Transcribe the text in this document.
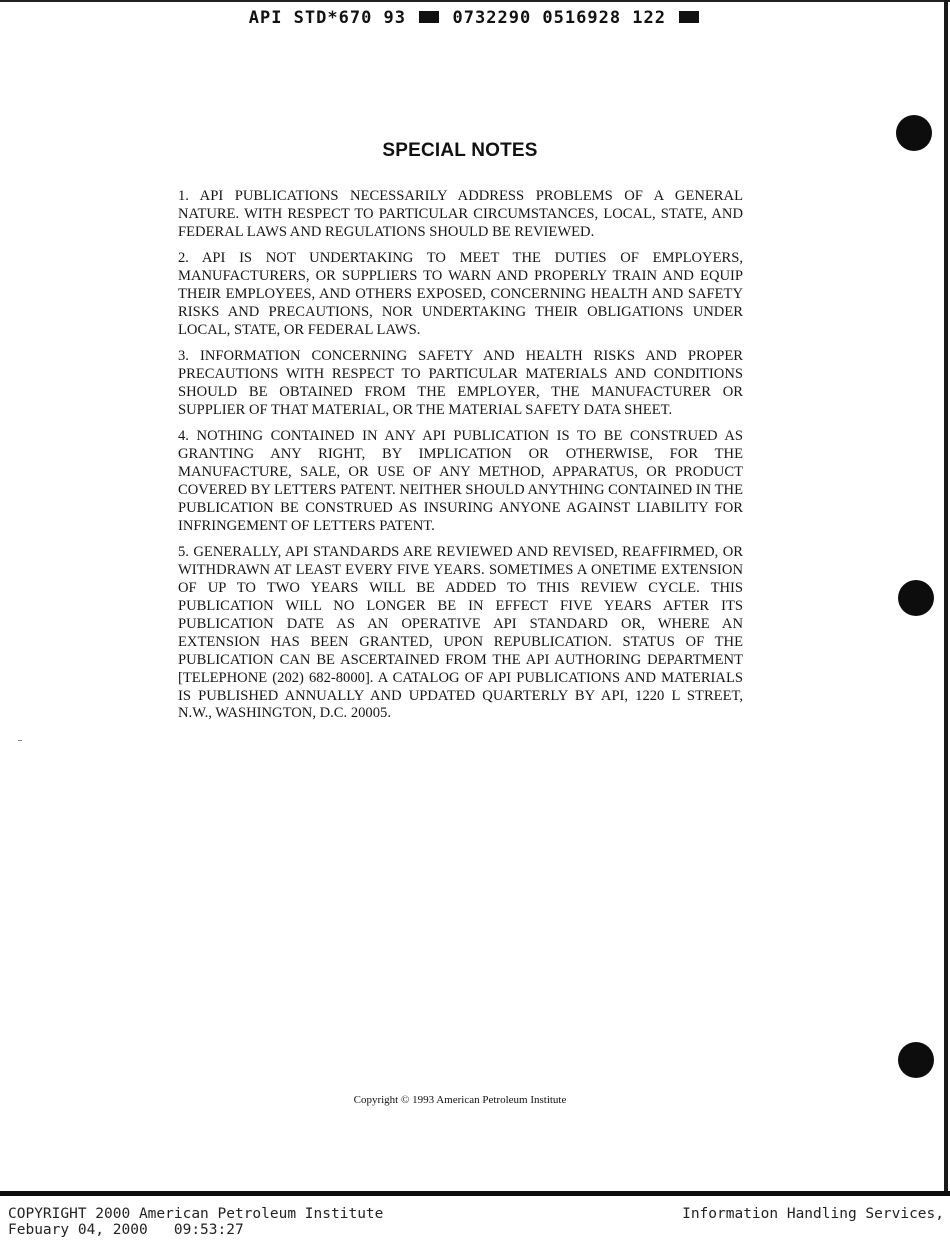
API STD*670 93	0732290 0516928 122
SPECIAL NOTES

1. API PUBLICATIONS NECESSARILY ADDRESS PROBLEMS OF A GENERAL NATURE. WITH RESPECT TO PARTICULAR CIRCUMSTANCES, LOCAL, STATE, AND FEDERAL LAWS AND REGULATIONS SHOULD BE REVIEWED.

2. API IS NOT UNDERTAKING TO MEET THE DUTIES OF EMPLOYERS, MANUFACTURERS, OR SUPPLIERS TO WARN AND PROPERLY TRAIN AND EQUIP THEIR EMPLOYEES, AND OTHERS EXPOSED, CONCERNING HEALTH AND SAFETY RISKS AND PRECAUTIONS, NOR UNDERTAKING THEIR OBLIGATIONS UNDER LOCAL, STATE, OR FEDERAL LAWS.

3. INFORMATION CONCERNING SAFETY AND HEALTH RISKS AND PROPER PRECAUTIONS WITH RESPECT TO PARTICULAR MATERIALS AND CONDITIONS SHOULD BE OBTAINED FROM THE EMPLOYER, THE MANUFACTURER OR SUPPLIER OF THAT MATERIAL, OR THE MATERIAL SAFETY DATA SHEET.

4. NOTHING CONTAINED IN ANY API PUBLICATION IS TO BE CONSTRUED AS GRANTING ANY RIGHT, BY IMPLICATION OR OTHERWISE, FOR THE MANUFACTURE, SALE, OR USE OF ANY METHOD, APPARATUS, OR PRODUCT COVERED BY LETTERS PATENT. NEITHER SHOULD ANYTHING CONTAINED IN THE PUBLICATION BE CONSTRUED AS INSURING ANYONE AGAINST LIABILITY FOR INFRINGEMENT OF LETTERS PATENT.

5. GENERALLY, API STANDARDS ARE REVIEWED AND REVISED, REAFFIRMED, OR WITHDRAWN AT LEAST EVERY FIVE YEARS. SOMETIMES A ONETIME EXTENSION OF UP TO TWO YEARS WILL BE ADDED TO THIS REVIEW CYCLE. THIS PUBLICATION WILL NO LONGER BE IN EFFECT FIVE YEARS AFTER ITS PUBLICATION DATE AS AN OPERATIVE API STANDARD OR, WHERE AN EXTENSION HAS BEEN GRANTED, UPON REPUBLICATION. STATUS OF THE PUBLICATION CAN BE ASCERTAINED FROM THE API AUTHORING DEPARTMENT [TELEPHONE (202) 682-8000]. A CATALOG OF API PUBLICATIONS AND MATERIALS IS PUBLISHED ANNUALLY AND UPDATED QUARTERLY BY API, 1220 L STREET, N.W., WASHINGTON, D.C. 20005.

Copyright © 1993 American Petroleum Institute
COPYRIGHT 2000 American Petroleum Institute
Febuary 04, 2000   09:53:27
Information Handling Services,
